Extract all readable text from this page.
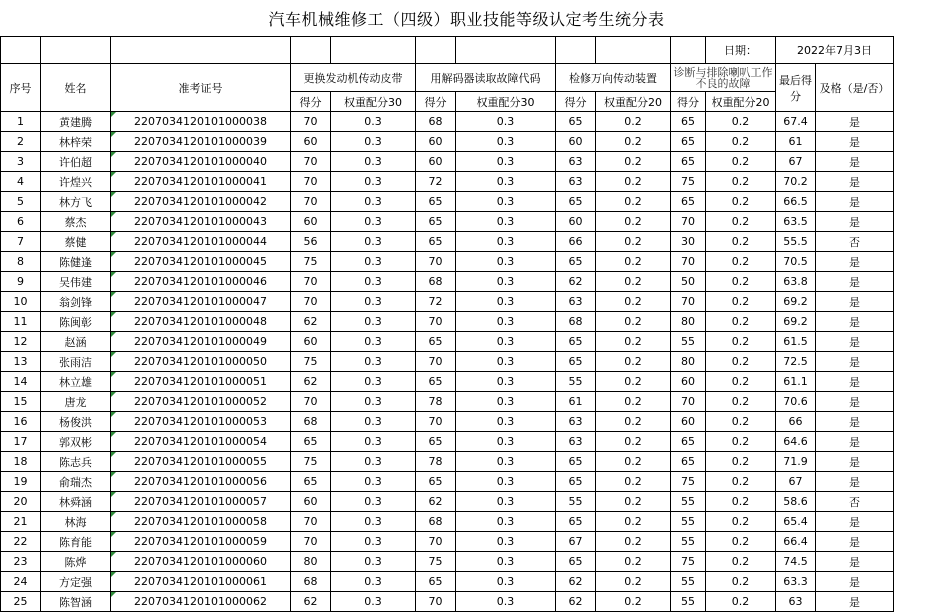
汽车机械维修工（四级）职业技能等级认定考生统分表
										日期：	2022年7月3日	
序号	姓名	准考证号	更换发动机传动皮带		用解码器读取故障代码		检修万向传动装置		诊断与排除喇叭工作不良的故障		最后得分	及格（是/否）
			得分	权重配分30	得分	权重配分30	得分	权重配分20	得分	权重配分20		
1	黄建腾	2207034120101000038	70	0.3	68	0.3	65	0.2	65	0.2	67.4	是
2	林梓荣	2207034120101000039	60	0.3	60	0.3	60	0.2	65	0.2	61	是
3	许伯超	2207034120101000040	70	0.3	60	0.3	63	0.2	65	0.2	67	是
4	许煌兴	2207034120101000041	70	0.3	72	0.3	63	0.2	75	0.2	70.2	是
5	林方飞	2207034120101000042	70	0.3	65	0.3	65	0.2	65	0.2	66.5	是
6	蔡杰	2207034120101000043	60	0.3	65	0.3	60	0.2	70	0.2	63.5	是
7	蔡健	2207034120101000044	56	0.3	65	0.3	66	0.2	30	0.2	55.5	否
8	陈健逢	2207034120101000045	75	0.3	70	0.3	65	0.2	70	0.2	70.5	是
9	吴伟建	2207034120101000046	70	0.3	68	0.3	62	0.2	50	0.2	63.8	是
10	翁剑锋	2207034120101000047	70	0.3	72	0.3	63	0.2	70	0.2	69.2	是
11	陈闽彰	2207034120101000048	62	0.3	70	0.3	68	0.2	80	0.2	69.2	是
12	赵涵	2207034120101000049	60	0.3	65	0.3	65	0.2	55	0.2	61.5	是
13	张雨洁	2207034120101000050	75	0.3	70	0.3	65	0.2	80	0.2	72.5	是
14	林立雄	2207034120101000051	62	0.3	65	0.3	55	0.2	60	0.2	61.1	是
15	唐龙	2207034120101000052	70	0.3	78	0.3	61	0.2	70	0.2	70.6	是
16	杨俊洪	2207034120101000053	68	0.3	70	0.3	63	0.2	60	0.2	66	是
17	郭双彬	2207034120101000054	65	0.3	65	0.3	63	0.2	65	0.2	64.6	是
18	陈志兵	2207034120101000055	75	0.3	78	0.3	65	0.2	65	0.2	71.9	是
19	俞瑞杰	2207034120101000056	65	0.3	65	0.3	65	0.2	75	0.2	67	是
20	林舜涵	2207034120101000057	60	0.3	62	0.3	55	0.2	55	0.2	58.6	否
21	林海	2207034120101000058	70	0.3	68	0.3	65	0.2	55	0.2	65.4	是
22	陈育能	2207034120101000059	70	0.3	70	0.3	67	0.2	55	0.2	66.4	是
23	陈烨	2207034120101000060	80	0.3	75	0.3	65	0.2	75	0.2	74.5	是
24	方定强	2207034120101000061	68	0.3	65	0.3	62	0.2	55	0.2	63.3	是
25	陈智涵	2207034120101000062	62	0.3	70	0.3	62	0.2	55	0.2	63	是
